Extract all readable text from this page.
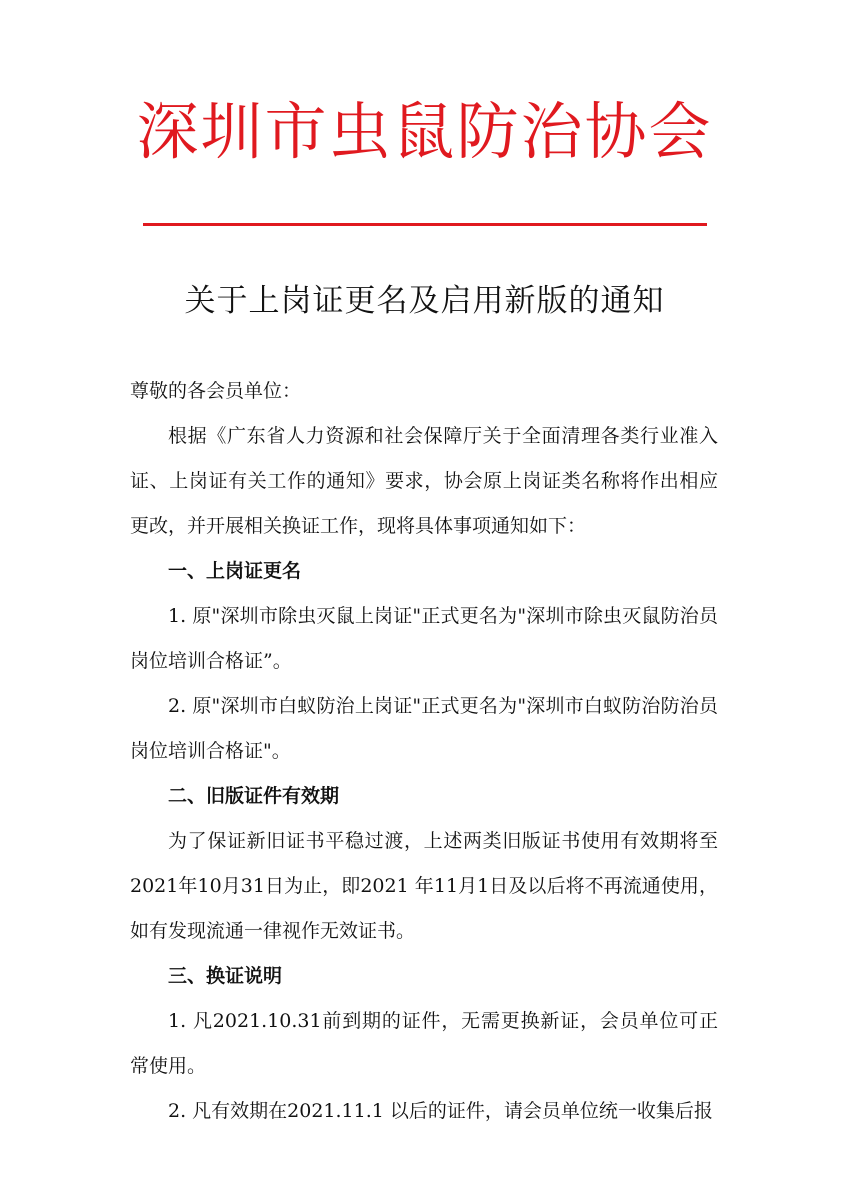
深圳市虫鼠防治协会
关于上岗证更名及启用新版的通知

尊敬的各会员单位：

根据《广东省人力资源和社会保障厅关于全面清理各类行业准入证、上岗证有关工作的通知》要求，协会原上岗证类名称将作出相应更改，并开展相关换证工作，现将具体事项通知如下：

一、上岗证更名

1. 原"深圳市除虫灭鼠上岗证"正式更名为"深圳市除虫灭鼠防治员岗位培训合格证”。

2. 原"深圳市白蚁防治上岗证"正式更名为"深圳市白蚁防治防治员岗位培训合格证"。

二、旧版证件有效期

为了保证新旧证书平稳过渡，上述两类旧版证书使用有效期将至2021年10月31日为止，即2021 年11月1日及以后将不再流通使用，如有发现流通一律视作无效证书。

三、换证说明

1. 凡2021.10.31前到期的证件，无需更换新证，会员单位可正常使用。

2. 凡有效期在2021.11.1 以后的证件，请会员单位统一收集后报
